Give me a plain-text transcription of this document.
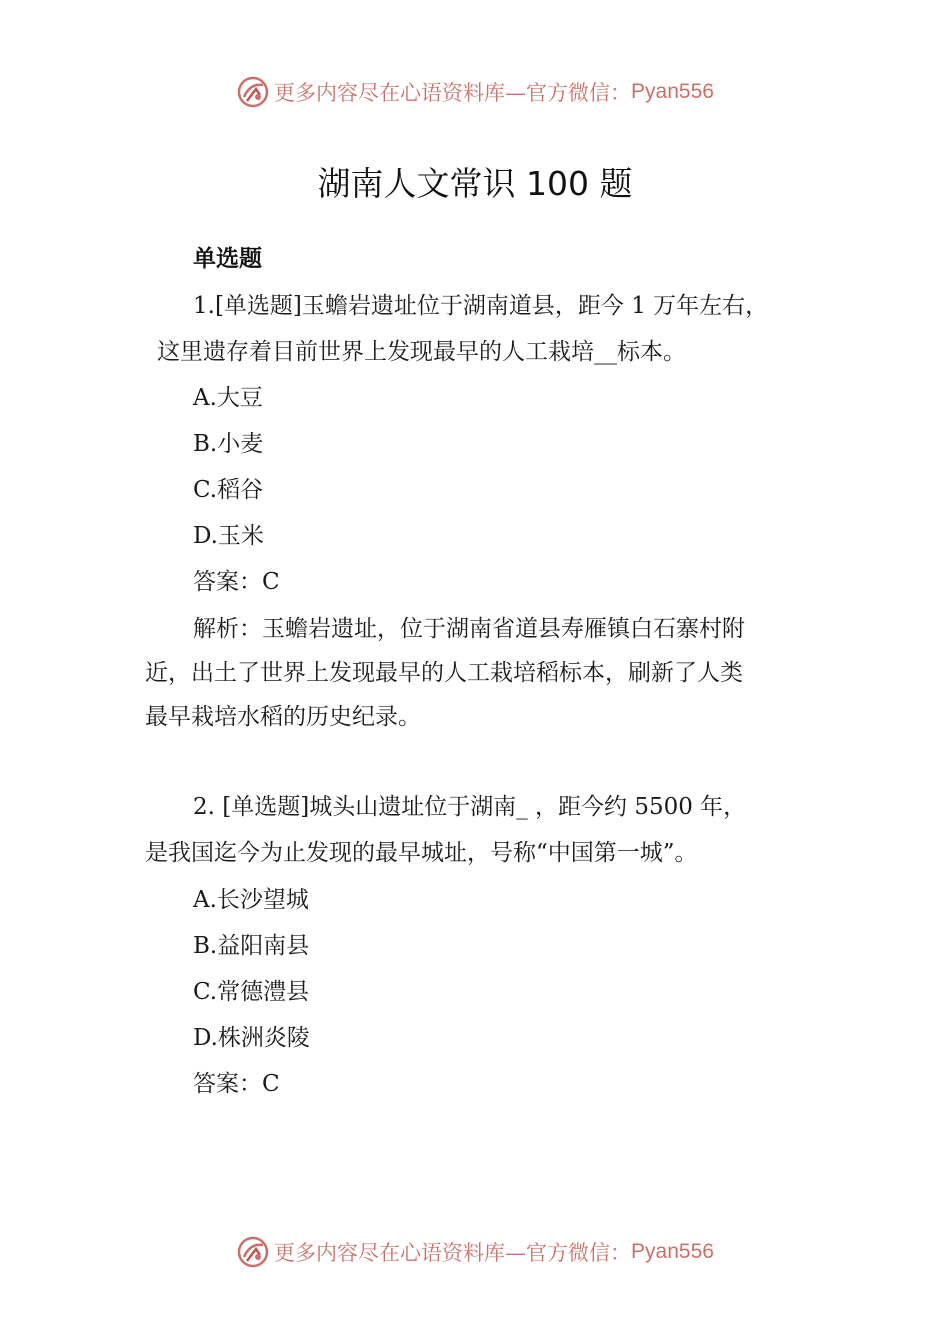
更多内容尽在心语资料库—官方微信： Pyan556
湖南人文常识 100 题
单选题
1.[单选题]玉蟾岩遗址位于湖南道县，距今 1 万年左右，
这里遗存着目前世界上发现最早的人工栽培__标本。
A.大豆
B.小麦
C.稻谷
D.玉米
答案：C
解析：玉蟾岩遗址，位于湖南省道县寿雁镇白石寨村附
近，出土了世界上发现最早的人工栽培稻标本，刷新了人类
最早栽培水稻的历史纪录。
2. [单选题]城头山遗址位于湖南_ ，距今约 5500 年，
是我国迄今为止发现的最早城址，号称“中国第一城”。
A.长沙望城
B.益阳南县
C.常德澧县
D.株洲炎陵
答案：C
更多内容尽在心语资料库—官方微信： Pyan556
